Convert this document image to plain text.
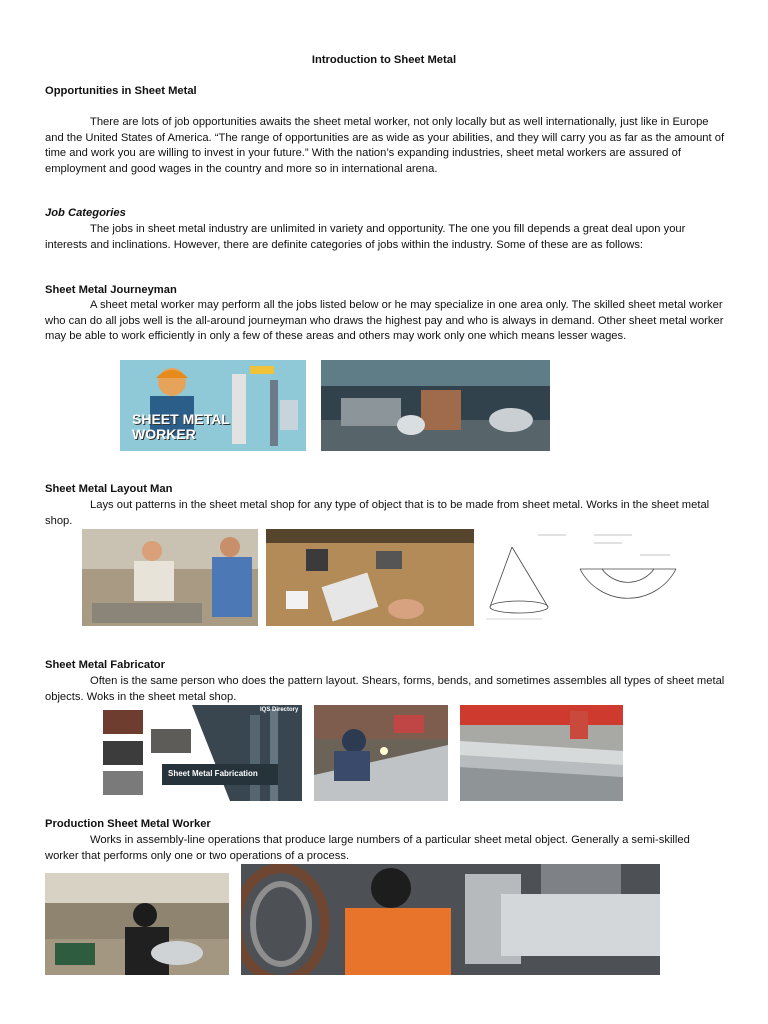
Introduction to Sheet Metal
Opportunities in Sheet Metal
There are lots of job opportunities awaits the sheet metal worker, not only locally but as well internationally, just like in Europe and the United States of America. “The range of opportunities are as wide as your abilities, and they will carry you as far as the amount of time and work you are willing to invest in your future.” With the nation’s expanding industries, sheet metal workers are assured of employment and good wages in the country and more so in international arena.
Job Categories
The jobs in sheet metal industry are unlimited in variety and opportunity. The one you fill depends a great deal upon your interests and inclinations. However, there are definite categories of jobs within the industry. Some of these are as follows:
Sheet Metal Journeyman
A sheet metal worker may perform all the jobs listed below or he may specialize in one area only. The skilled sheet metal worker who can do all jobs well is the all-around journeyman who draws the highest pay and who is always in demand. Other sheet metal worker may be able to work efficiently in only a few of these areas and others may work only one which means lesser wages.
SHEET METAL
WORKER
Sheet Metal Layout Man
Lays out patterns in the sheet metal shop for any type of object that is to be made from sheet metal. Works in the sheet metal shop.
Sheet Metal Fabricator
Often is the same person who does the pattern layout. Shears, forms, bends, and sometimes assembles all types of sheet metal objects. Woks in the sheet metal shop.
Sheet Metal Fabrication
IQS Directory
Production Sheet Metal Worker
Works in assembly-line operations that produce large numbers of a particular sheet metal object. Generally a semi-skilled worker that performs only one or two operations of a process.
